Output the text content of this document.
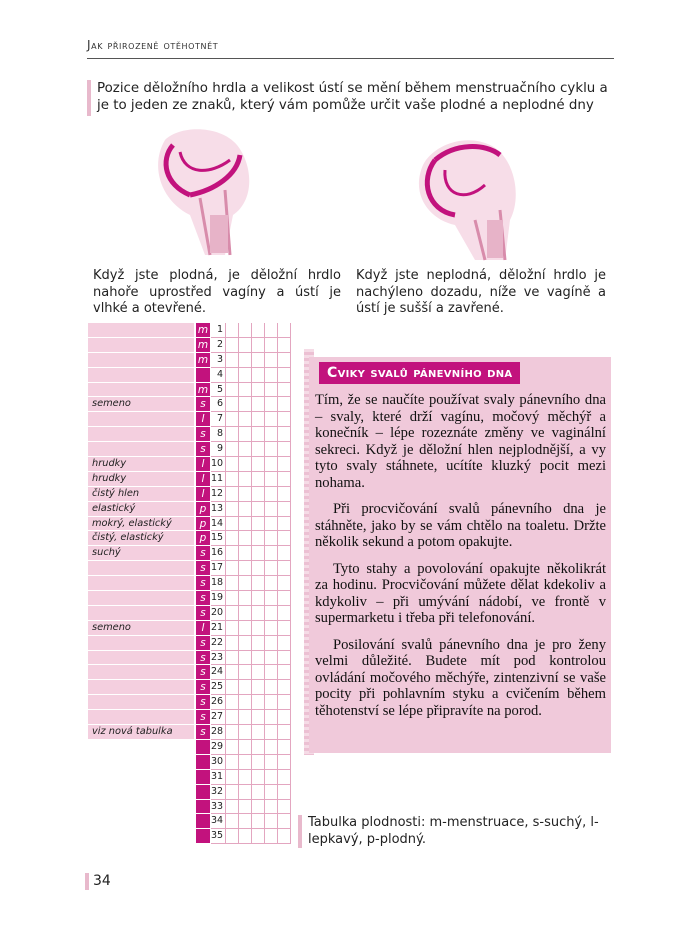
Jak přirozeně otěhotnět
Pozice děložního hrdla a velikost ústí se mění během menstruačního cyklu a je to jeden ze znaků, který vám pomůže určit vaše plodné a neplodné dny
Když jste plodná, je děložní hrdlo nahoře uprostřed vagíny a ústí je vlhké a otevřené.
Když jste neplodná, děložní hrdlo je nachýleno dozadu, níže ve vagíně a ústí je sušší a zavřené.
m 1
m 2
m 3
4
m 5
semeno	s	6
l	7
s	8
s	9
hrudky	l 10
hrudky	l 11
čistý hlen	l 12
elastický	p 13
mokrý, elastický	p 14
čistý, elastický	p 15
suchý	s 16
s 17
s 18
s 19
s 20
semeno	l 21
s 22
s 23
s 24
s 25
s 26
s 27
viz nová tabulka	s 28
29
30
31
32
33
34
35
Cviky svalů pánevního dna

Tím, že se naučíte používat svaly pánevního dna – svaly, které drží vagínu, močový měchýř a konečník – lépe rozeznáte změny ve vaginální sekreci. Když je děložní hlen nejplodnější, a vy tyto svaly stáhnete, ucítíte kluzký pocit mezi nohama.

Při procvičování svalů pánevního dna je stáhněte, jako by se vám chtělo na toaletu. Držte několik sekund a potom opakujte.

Tyto stahy a povolování opakujte několikrát za hodinu. Procvičování můžete dělat kdekoliv a kdykoliv – při umývání nádobí, ve frontě v supermarketu i třeba při telefonování.

Posilování svalů pánevního dna je pro ženy velmi důležité. Budete mít pod kontrolou ovládání močového měchýře, zintenzivní se vaše pocity při pohlavním styku a cvičením během těhotenství se lépe připravíte na porod.

Tabulka plodnosti: m-menstruace, s-suchý, l-lepkavý, p-plodný.
34
